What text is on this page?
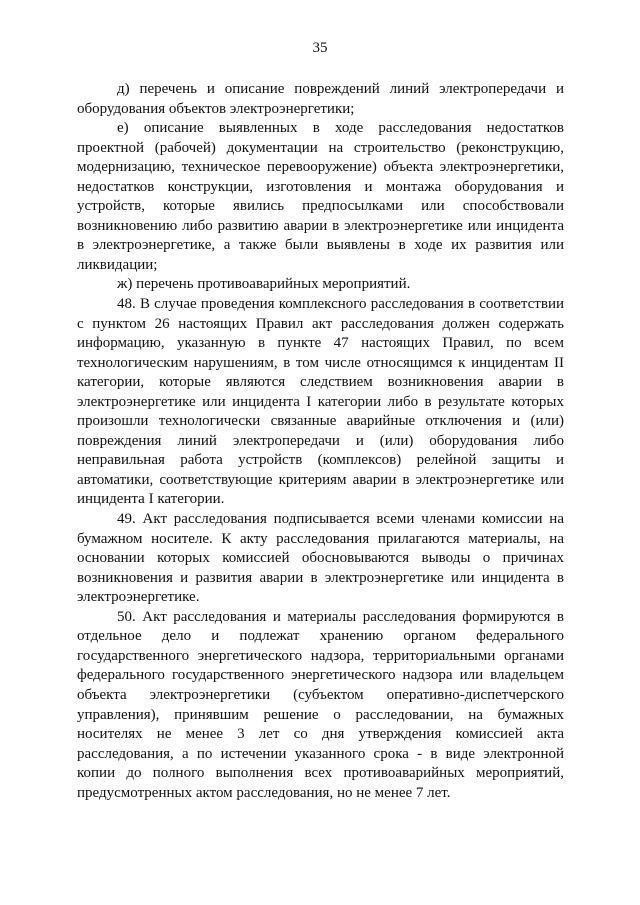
35

д) перечень и описание повреждений линий электропередачи и оборудования объектов электроэнергетики;

е) описание выявленных в ходе расследования недостатков проектной (рабочей) документации на строительство (реконструкцию, модернизацию, техническое перевооружение) объекта электроэнергетики, недостатков конструкции, изготовления и монтажа оборудования и устройств, которые явились предпосылками или способствовали возникновению либо развитию аварии в электроэнергетике или инцидента в электроэнергетике, а также были выявлены в ходе их развития или ликвидации;

ж) перечень противоаварийных мероприятий.

48. В случае проведения комплексного расследования в соответствии с пунктом 26 настоящих Правил акт расследования должен содержать информацию, указанную в пункте 47 настоящих Правил, по всем технологическим нарушениям, в том числе относящимся к инцидентам II категории, которые являются следствием возникновения аварии в электроэнергетике или инцидента I категории либо в результате которых произошли технологически связанные аварийные отключения и (или) повреждения линий электропередачи и (или) оборудования либо неправильная работа устройств (комплексов) релейной защиты и автоматики, соответствующие критериям аварии в электроэнергетике или инцидента I категории.

49. Акт расследования подписывается всеми членами комиссии на бумажном носителе. К акту расследования прилагаются материалы, на основании которых комиссией обосновываются выводы о причинах возникновения и развития аварии в электроэнергетике или инцидента в электроэнергетике.

50. Акт расследования и материалы расследования формируются в отдельное дело и подлежат хранению органом федерального государственного энергетического надзора, территориальными органами федерального государственного энергетического надзора или владельцем объекта электроэнергетики (субъектом оперативно-диспетчерского управления), принявшим решение о расследовании, на бумажных носителях не менее 3 лет со дня утверждения комиссией акта расследования, а по истечении указанного срока - в виде электронной копии до полного выполнения всех противоаварийных мероприятий, предусмотренных актом расследования, но не менее 7 лет.
